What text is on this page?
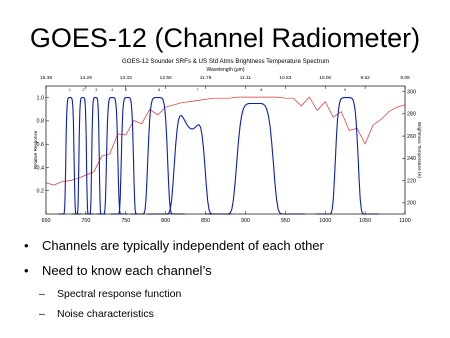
GOES-12 (Channel Radiometer)
GOES-12 Sounder SRFs & US Std Atms Brightness Temperature Spectrum
Wavelength (μm)
15.38	14.29	13.33	12.50	11.76	11.11	10.53	10.00	9.52	9.09
1	2	3	4	5	6	7	8	9
650	700	750	800	850	900	950	1000	1050	1100
0.2
0.4
0.6
0.8
1.0
200
220
240
260
280
300
Relative Response	Brightness Temperature (K)
• Channels are typically independent of each other
• Need to know each channel’s
– Spectral response function
– Noise characteristics
